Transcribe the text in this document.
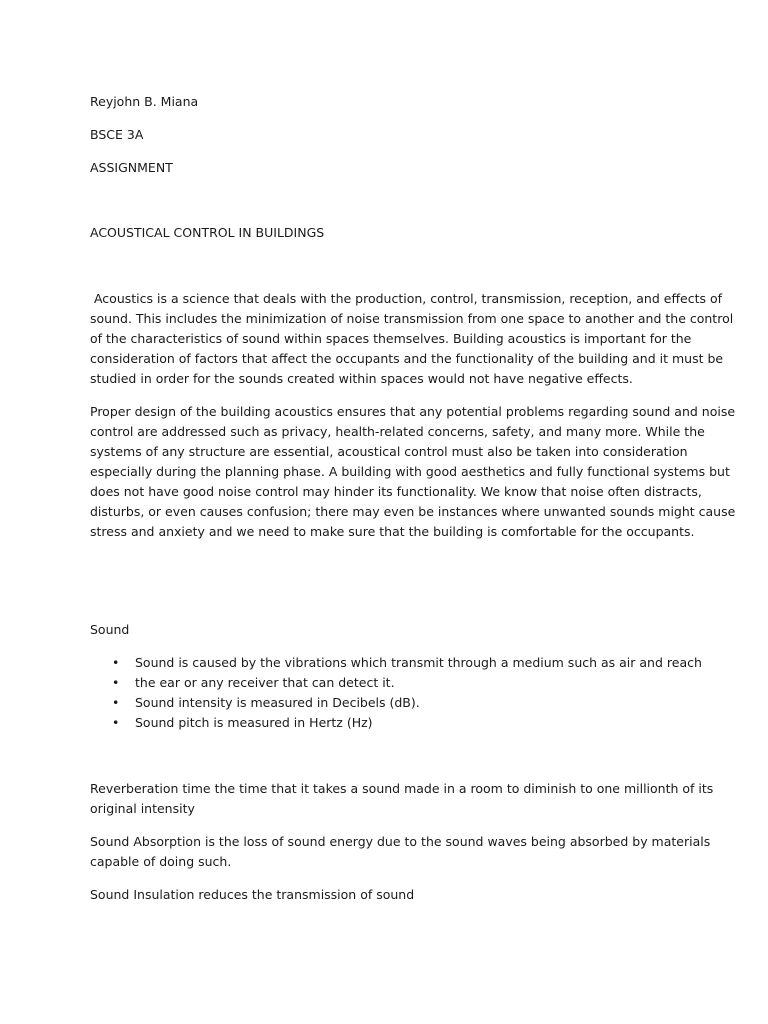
Reyjohn B. Miana

BSCE 3A

ASSIGNMENT

ACOUSTICAL CONTROL IN BUILDINGS

Acoustics is a science that deals with the production, control, transmission, reception, and effects of
sound. This includes the minimization of noise transmission from one space to another and the control
of the characteristics of sound within spaces themselves. Building acoustics is important for the
consideration of factors that affect the occupants and the functionality of the building and it must be
studied in order for the sounds created within spaces would not have negative effects.
Proper design of the building acoustics ensures that any potential problems regarding sound and noise
control are addressed such as privacy, health-related concerns, safety, and many more. While the
systems of any structure are essential, acoustical control must also be taken into consideration
especially during the planning phase. A building with good aesthetics and fully functional systems but
does not have good noise control may hinder its functionality. We know that noise often distracts,
disturbs, or even causes confusion; there may even be instances where unwanted sounds might cause
stress and anxiety and we need to make sure that the building is comfortable for the occupants.

Sound

• Sound is caused by the vibrations which transmit through a medium such as air and reach
• the ear or any receiver that can detect it.
• Sound intensity is measured in Decibels (dB).
• Sound pitch is measured in Hertz (Hz)
Reverberation time the time that it takes a sound made in a room to diminish to one millionth of its
original intensity
Sound Absorption is the loss of sound energy due to the sound waves being absorbed by materials
capable of doing such.

Sound Insulation reduces the transmission of sound
